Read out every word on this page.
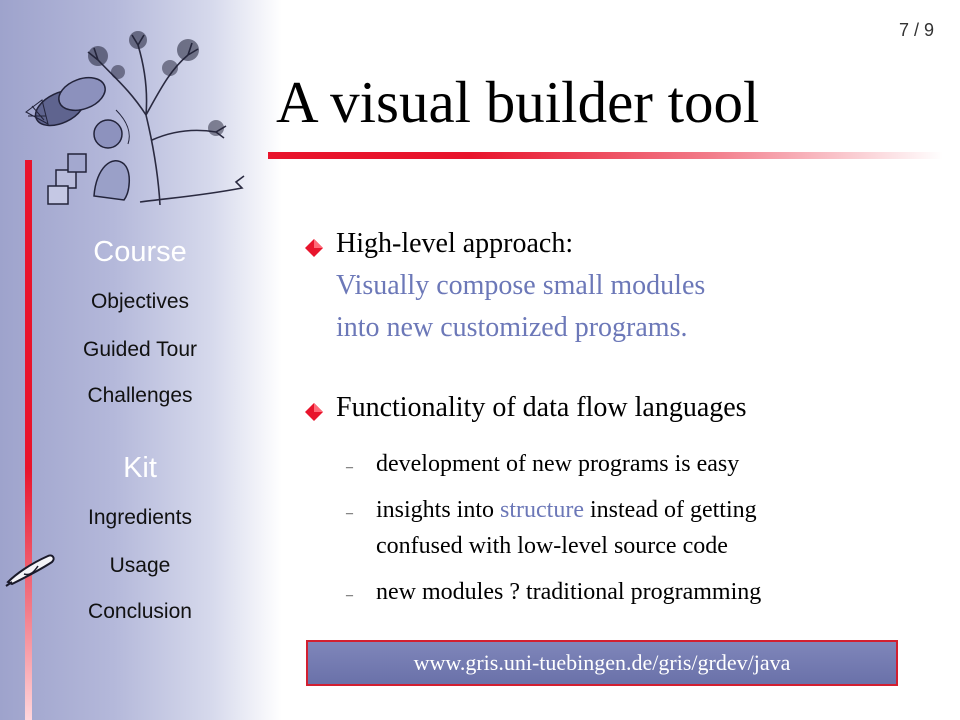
7 / 9
A visual builder tool
Course
Objectives
Guided Tour
Challenges
Kit
Ingredients
Usage
Conclusion
High-level approach:
Visually compose small modules
into new customized programs.
Functionality of data flow languages
– development of new programs is easy
– insights into structure instead of getting
confused with low-level source code
– new modules ? traditional programming
www.gris.uni-tuebingen.de/gris/grdev/java
